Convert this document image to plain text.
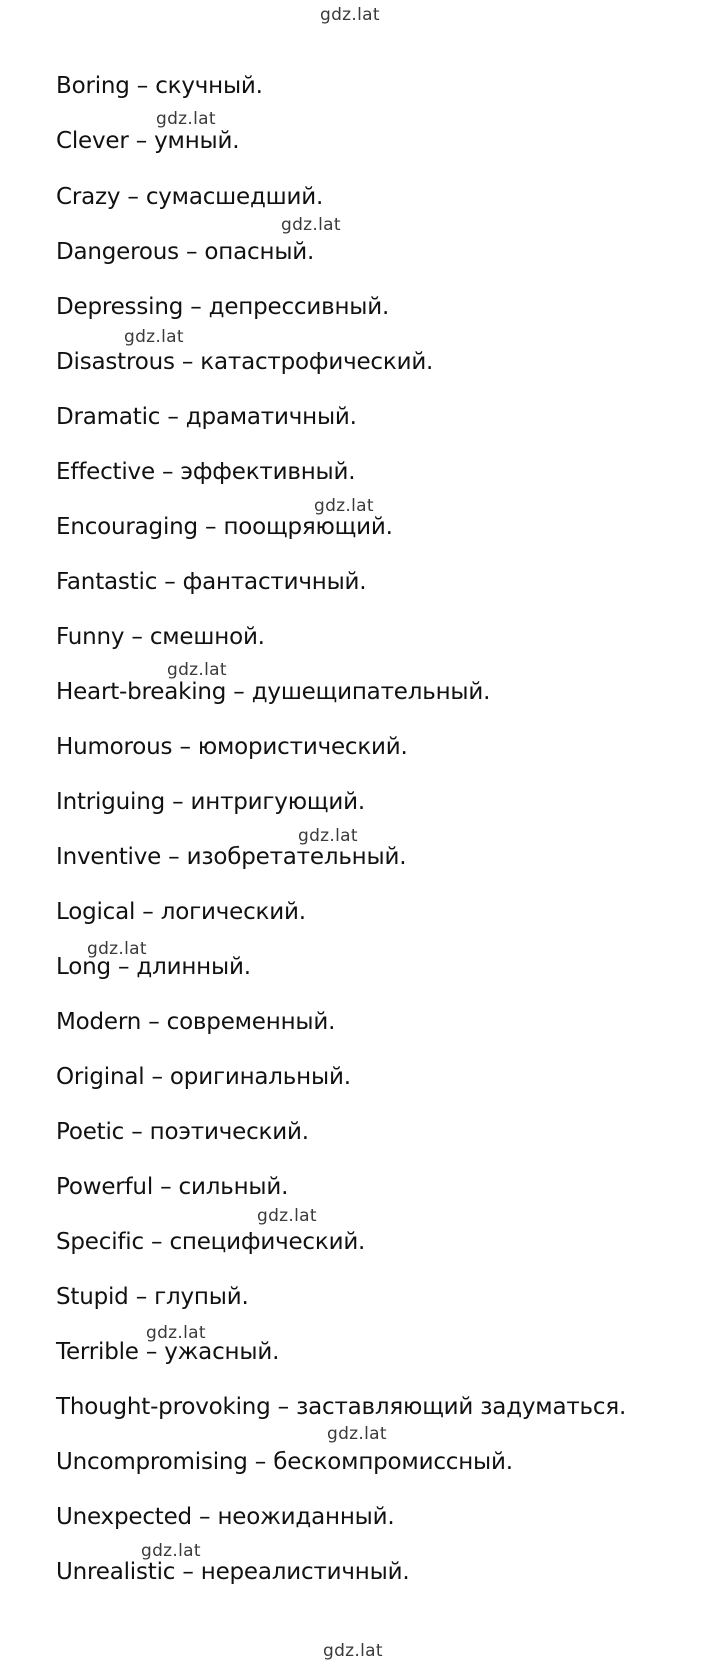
gdz.lat
Boring – скучный.
gdz.lat
Clever – умный.
Crazy – сумасшедший.
gdz.lat
Dangerous – опасный.
Depressing – депрессивный.
gdz.lat
Disastrous – катастрофический.
Dramatic – драматичный.
Effective – эффективный.
gdz.lat
Encouraging – поощряющий.
Fantastic – фантастичный.
Funny – смешной.
gdz.lat
Heart-breaking – душещипательный.
Humorous – юмористический.
Intriguing – интригующий.
gdz.lat
Inventive – изобретательный.
Logical – логический.
gdz.lat
Long – длинный.
Modern – современный.
Original – оригинальный.
Poetic – поэтический.
Powerful – сильный.
gdz.lat
Specific – специфический.
Stupid – глупый.
gdz.lat
Terrible – ужасный.
Thought-provoking – заставляющий задуматься.
gdz.lat
Uncompromising – бескомпромиссный.
Unexpected – неожиданный.
gdz.lat
Unrealistic – нереалистичный.
gdz.lat
